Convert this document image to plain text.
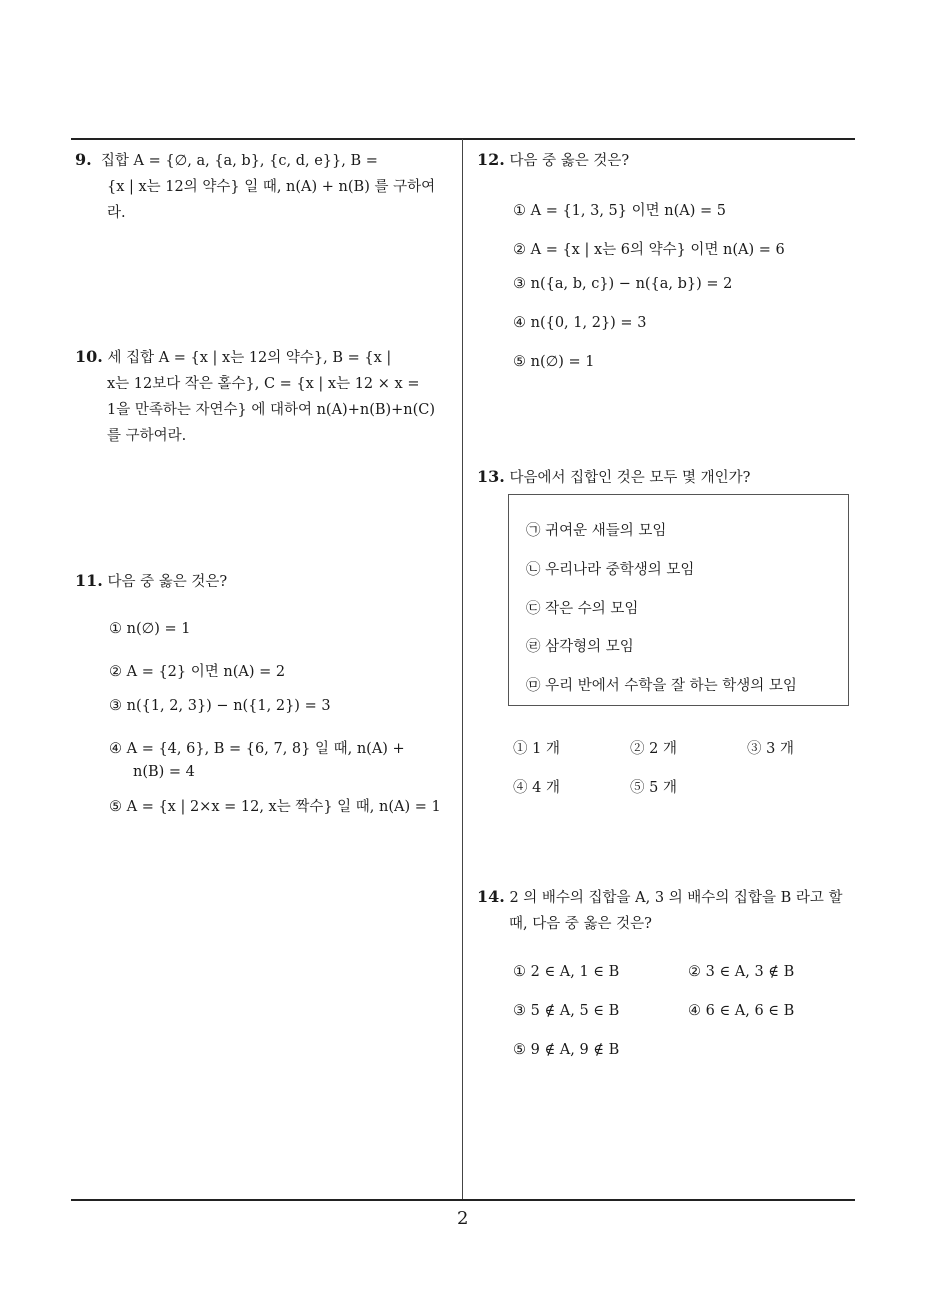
9. 집합 A = {∅, a, {a, b}, {c, d, e}}, B =
{x | x는 12의 약수} 일 때, n(A) + n(B) 를 구하여
라.
10. 세 집합 A = {x | x는 12의 약수}, B = {x |
x는 12보다 작은 홀수}, C = {x | x는 12 × x =
1을 만족하는 자연수} 에 대하여 n(A)+n(B)+n(C)
를 구하여라.
11. 다음 중 옳은 것은?
① n(∅) = 1
② A = {2} 이면 n(A) = 2
③ n({1, 2, 3}) − n({1, 2}) = 3
④ A = {4, 6}, B = {6, 7, 8} 일 때, n(A) +
n(B) = 4
⑤ A = {x | 2×x = 12, x는 짝수} 일 때, n(A) = 1
12. 다음 중 옳은 것은?
① A = {1, 3, 5} 이면 n(A) = 5
② A = {x | x는 6의 약수} 이면 n(A) = 6
③ n({a, b, c}) − n({a, b}) = 2
④ n({0, 1, 2}) = 3
⑤ n(∅) = 1
13. 다음에서 집합인 것은 모두 몇 개인가?
㉠ 귀여운 새들의 모임
㉡ 우리나라 중학생의 모임
㉢ 작은 수의 모임
㉣ 삼각형의 모임
㉤ 우리 반에서 수학을 잘 하는 학생의 모임
① 1 개	② 2 개	③ 3 개
④ 4 개	⑤ 5 개
14. 2 의 배수의 집합을 A, 3 의 배수의 집합을 B 라고 할
때, 다음 중 옳은 것은?
① 2 ∈ A, 1 ∈ B	② 3 ∈ A, 3 ∉ B
③ 5 ∉ A, 5 ∈ B	④ 6 ∈ A, 6 ∈ B
⑤ 9 ∉ A, 9 ∉ B
2
